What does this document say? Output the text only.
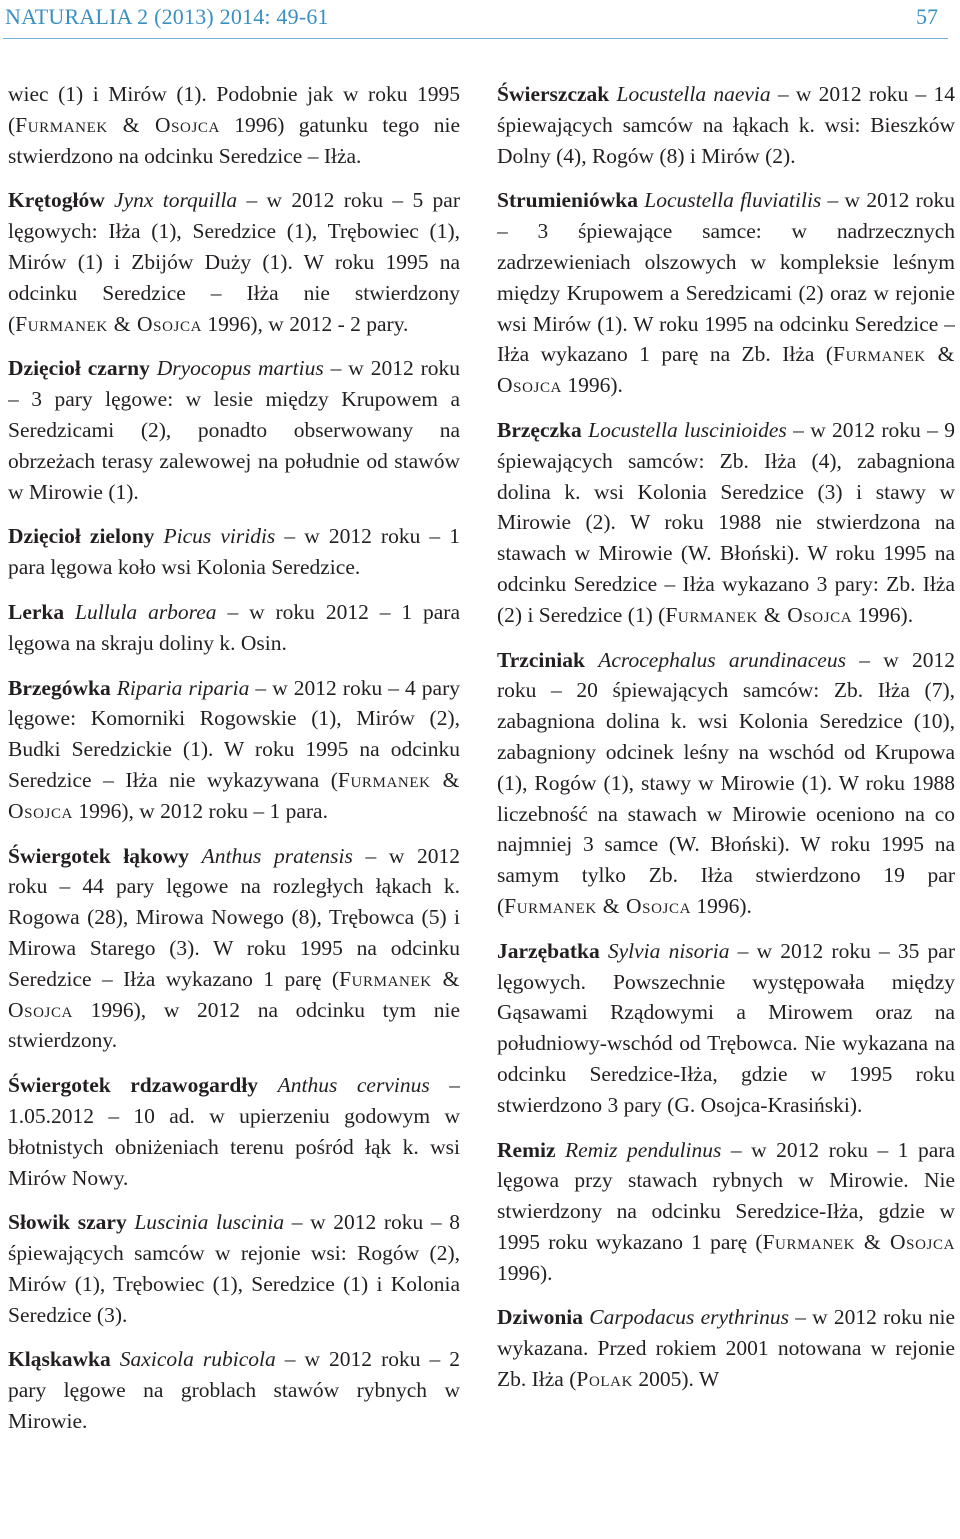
NATURALIA 2 (2013) 2014: 49-61	57

wiec (1) i Mirów (1). Podobnie jak w roku 1995 (Furmanek & Osojca 1996) gatunku tego nie stwierdzono na odcinku Seredzice – Iłża.

Krętogłów Jynx torquilla – w 2012 roku – 5 par lęgowych: Iłża (1), Seredzice (1), Trębowiec (1), Mirów (1) i Zbijów Duży (1). W roku 1995 na odcinku Seredzice – Iłża nie stwierdzony (Furmanek & Osojca 1996), w 2012 - 2 pary.

Dzięcioł czarny Dryocopus martius – w 2012 roku – 3 pary lęgowe: w lesie między Krupowem a Seredzicami (2), ponadto obserwowany na obrzeżach terasy zalewowej na południe od stawów w Mirowie (1).

Dzięcioł zielony Picus viridis – w 2012 roku – 1 para lęgowa koło wsi Kolonia Seredzice.

Lerka Lullula arborea – w roku 2012 – 1 para lęgowa na skraju doliny k. Osin.

Brzegówka Riparia riparia – w 2012 roku – 4 pary lęgowe: Komorniki Rogowskie (1), Mirów (2), Budki Seredzickie (1). W roku 1995 na odcinku Seredzice – Iłża nie wykazywana (Furmanek & Osojca 1996), w 2012 roku – 1 para.

Świergotek łąkowy Anthus pratensis – w 2012 roku – 44 pary lęgowe na rozległych łąkach k. Rogowa (28), Mirowa Nowego (8), Trębowca (5) i Mirowa Starego (3). W roku 1995 na odcinku Seredzice – Iłża wykazano 1 parę (Furmanek & Osojca 1996), w 2012 na odcinku tym nie stwierdzony.

Świergotek rdzawogardły Anthus cervinus – 1.05.2012 – 10 ad. w upierzeniu godowym w błotnistych obniżeniach terenu pośród łąk k. wsi Mirów Nowy.

Słowik szary Luscinia luscinia – w 2012 roku – 8 śpiewających samców w rejonie wsi: Rogów (2), Mirów (1), Trębowiec (1), Seredzice (1) i Kolonia Seredzice (3).

Kląskawka Saxicola rubicola – w 2012 roku – 2 pary lęgowe na groblach stawów rybnych w Mirowie.

Świerszczak Locustella naevia – w 2012 roku – 14 śpiewających samców na łąkach k. wsi: Bieszków Dolny (4), Rogów (8) i Mirów (2).

Strumieniówka Locustella fluviatilis – w 2012 roku – 3 śpiewające samce: w nadrzecznych zadrzewieniach olszowych w kompleksie leśnym między Krupowem a Seredzicami (2) oraz w rejonie wsi Mirów (1). W roku 1995 na odcinku Seredzice – Iłża wykazano 1 parę na Zb. Iłża (Furmanek & Osojca 1996).

Brzęczka Locustella luscinioides – w 2012 roku – 9 śpiewających samców: Zb. Iłża (4), zabagniona dolina k. wsi Kolonia Seredzice (3) i stawy w Mirowie (2). W roku 1988 nie stwierdzona na stawach w Mirowie (W. Błoński). W roku 1995 na odcinku Seredzice – Iłża wykazano 3 pary: Zb. Iłża (2) i Seredzice (1) (Furmanek & Osojca 1996).

Trzciniak Acrocephalus arundinaceus – w 2012 roku – 20 śpiewających samców: Zb. Iłża (7), zabagniona dolina k. wsi Kolonia Seredzice (10), zabagniony odcinek leśny na wschód od Krupowa (1), Rogów (1), stawy w Mirowie (1). W roku 1988 liczebność na stawach w Mirowie oceniono na co najmniej 3 samce (W. Błoński). W roku 1995 na samym tylko Zb. Iłża stwierdzono 19 par (Furmanek & Osojca 1996).

Jarzębatka Sylvia nisoria – w 2012 roku – 35 par lęgowych. Powszechnie występowała między Gąsawami Rządowymi a Mirowem oraz na południowy-wschód od Trębowca. Nie wykazana na odcinku Seredzice-Iłża, gdzie w 1995 roku stwierdzono 3 pary (G. Osojca-Krasiński).

Remiz Remiz pendulinus – w 2012 roku – 1 para lęgowa przy stawach rybnych w Mirowie. Nie stwierdzony na odcinku Seredzice-Iłża, gdzie w 1995 roku wykazano 1 parę (Furmanek & Osojca 1996).

Dziwonia Carpodacus erythrinus – w 2012 roku nie wykazana. Przed rokiem 2001 notowana w rejonie Zb. Iłża (Polak 2005). W
